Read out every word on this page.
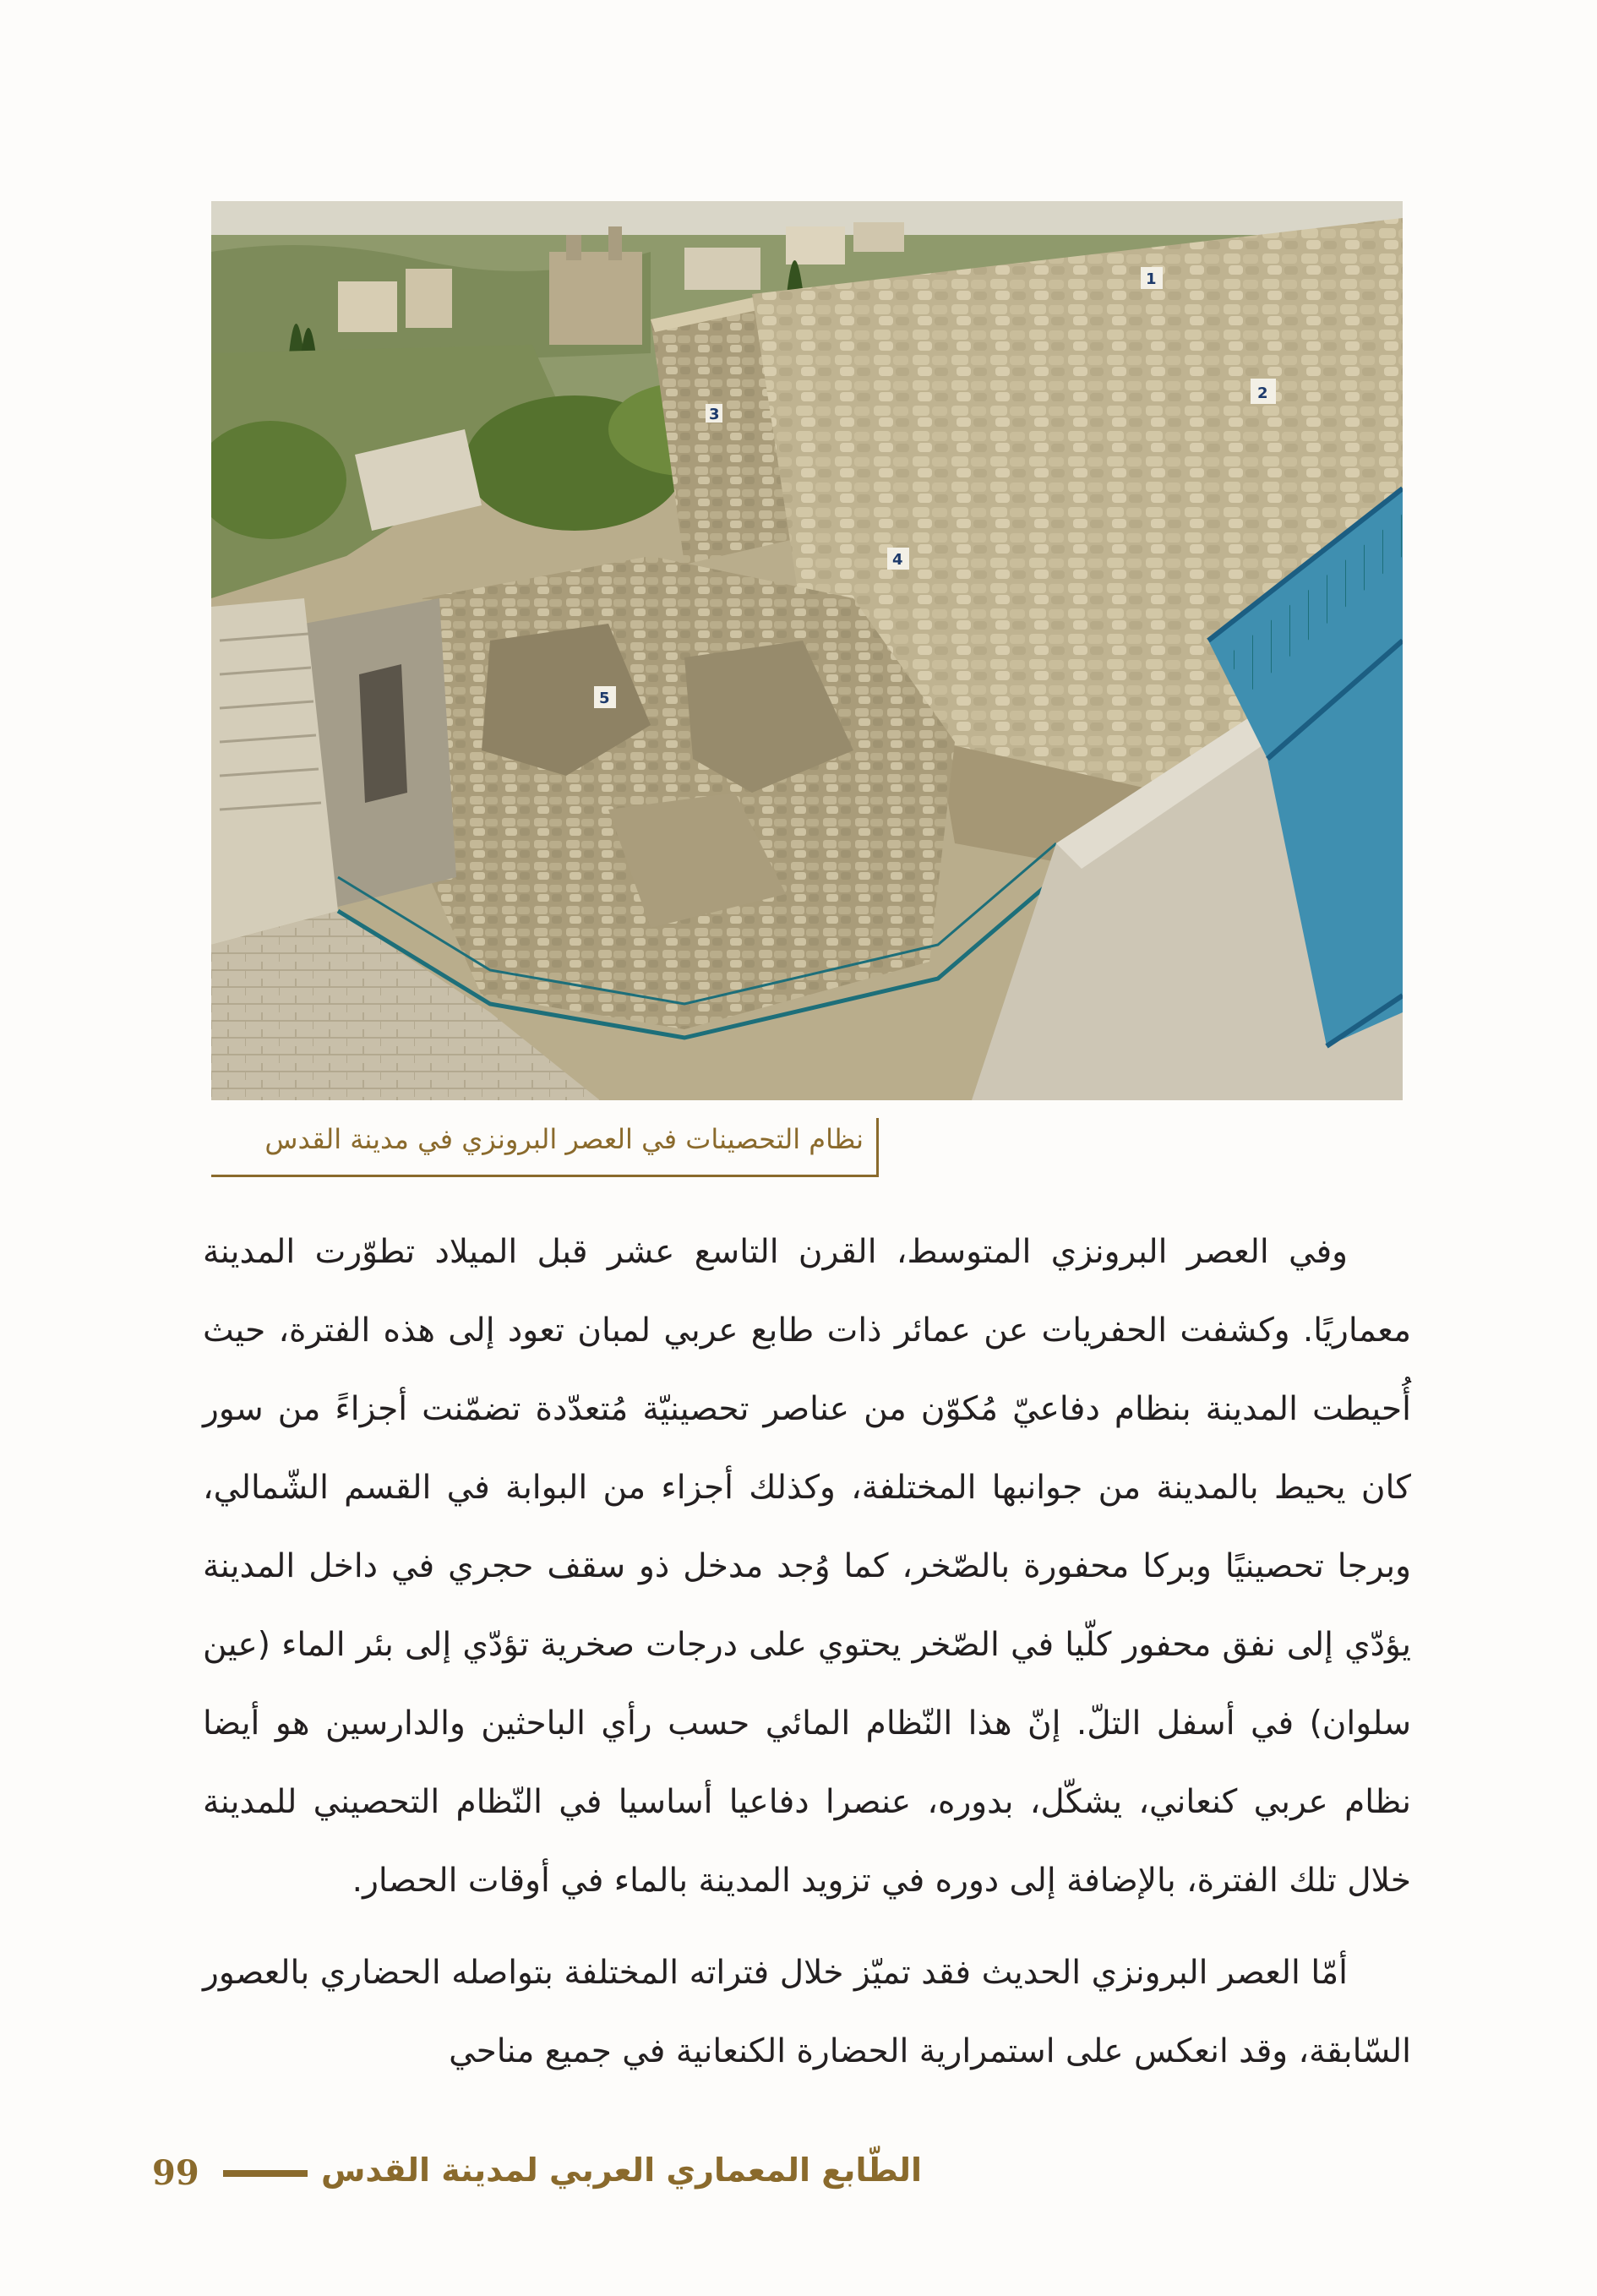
1
2
3
4
5
نظام التحصينات في العصر البرونزي في مدينة القدس

وفي العصر البرونزي المتوسط، القرن التاسع عشر قبل الميلاد تطوّرت المدينة معماريًا. وكشفت الحفريات عن عمائر ذات طابع عربي لمبان تعود إلى هذه الفترة، حيث أُحيطت المدينة بنظام دفاعيّ مُكوّن من عناصر تحصينيّة مُتعدّدة تضمّنت أجزاءً من سور كان يحيط بالمدينة من جوانبها المختلفة، وكذلك أجزاء من البوابة في القسم الشّمالي، وبرجا تحصينيًا وبركا محفورة بالصّخر، كما وُجد مدخل ذو سقف حجري في داخل المدينة يؤدّي إلى نفق محفور كلّيا في الصّخر يحتوي على درجات صخرية تؤدّي إلى بئر الماء (عين سلوان) في أسفل التلّ. إنّ هذا النّظام المائي حسب رأي الباحثين والدارسين هو أيضا نظام عربي كنعاني، يشكّل، بدوره، عنصرا دفاعيا أساسيا في النّظام التحصيني للمدينة خلال تلك الفترة، بالإضافة إلى دوره في تزويد المدينة بالماء في أوقات الحصار.

أمّا العصر البرونزي الحديث فقد تميّز خلال فتراته المختلفة بتواصله الحضاري بالعصور السّابقة، وقد انعكس على استمرارية الحضارة الكنعانية في جميع مناحي

99	الطّابع المعماري العربي لمدينة القدس
